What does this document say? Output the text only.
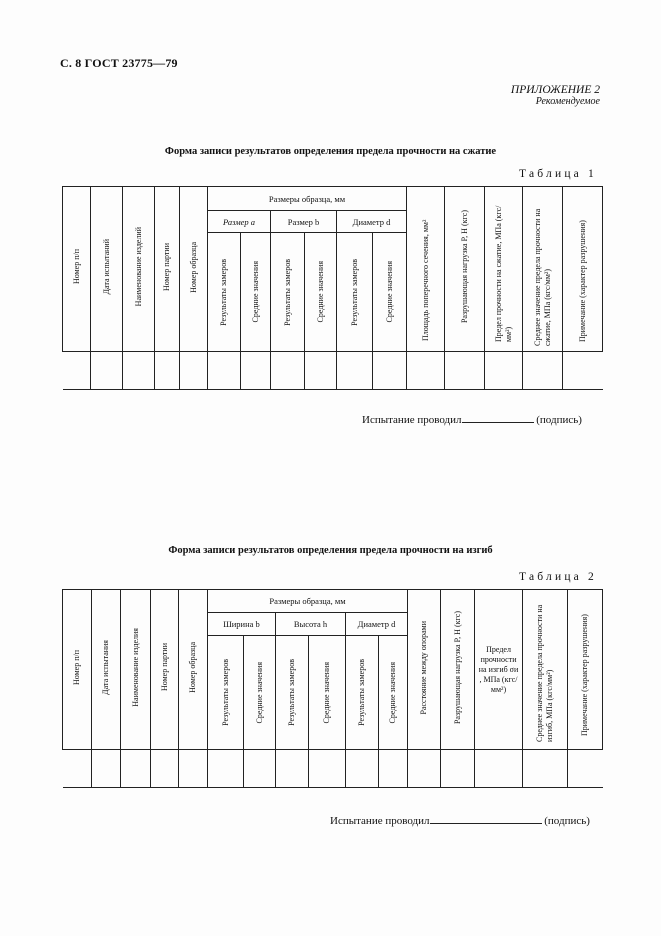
С. 8 ГОСТ 23775—79
ПРИЛОЖЕНИЕ 2
Рекомендуемое
Форма записи результатов определения предела прочности на сжатие
Таблица 1
Номер п/п	Дата испытаний	Наименование изделий	Номер партии	Номер образца	Размеры образца, мм						Площадь поперечного сечения, мм²	Разрушающая нагрузка P, Н (кгс)	Предел прочности на сжатие, МПа (кгс/мм²)	Среднее значение предела прочности на сжатие, МПа (кгс/мм²)	Примечание (характер разрушения)

					Размер a		Размер b		Диаметр d						

					Результаты замеров	Средние значения	Результаты замеров	Средние значения	Результаты замеров	Средние значения					

Испытание проводил	(подпись)
Форма записи результатов определения предела прочности на изгиб
Таблица 2
Номер п/п	Дата испытания	Наименование изделия	Номер партии	Номер образца	Размеры образца, мм						Расстояние между опорами	Разрушающая нагрузка P, Н (кгс)	Предел прочности на изгиб σи , МПа (кгс/мм²)	Среднее значение предела прочности на изгиб, МПа (кгс/мм²)	Примечание (характер разрушения)

					Ширина b		Высота h		Диаметр d						

					Результаты замеров	Средние значения	Результаты замеров	Средние значения	Результаты замеров	Средние значения					

Испытание проводил	(подпись)
